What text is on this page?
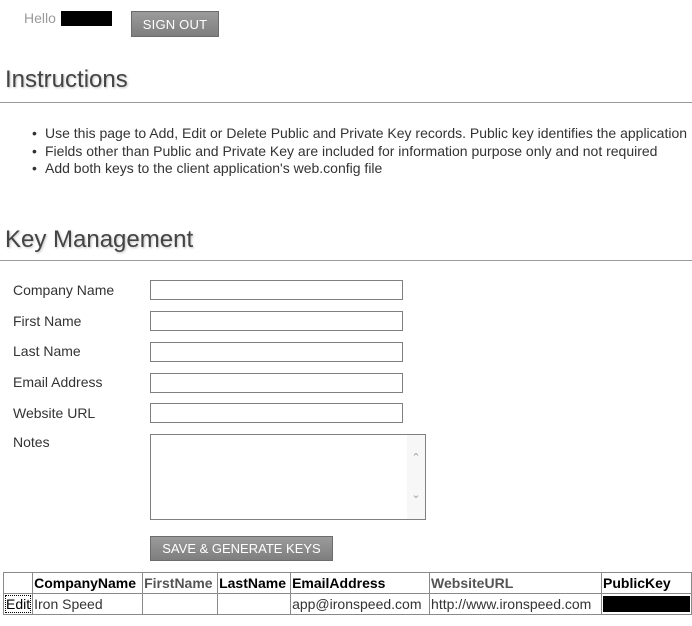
Hello	SIGN OUT
Instructions
• Use this page to Add, Edit or Delete Public and Private Key records. Public key identifies the application
• Fields other than Public and Private Key are included for information purpose only and not required
• Add both keys to the client application's web.config file
Key Management
Company Name
First Name
Last Name
Email Address
Website URL
Notes
⌃
⌄
SAVE & GENERATE KEYS
	CompanyName	FirstName	LastName	EmailAddress	WebsiteURL	PublicKey
Edit	Iron Speed			app@ironspeed.com	http://www.ironspeed.com	
